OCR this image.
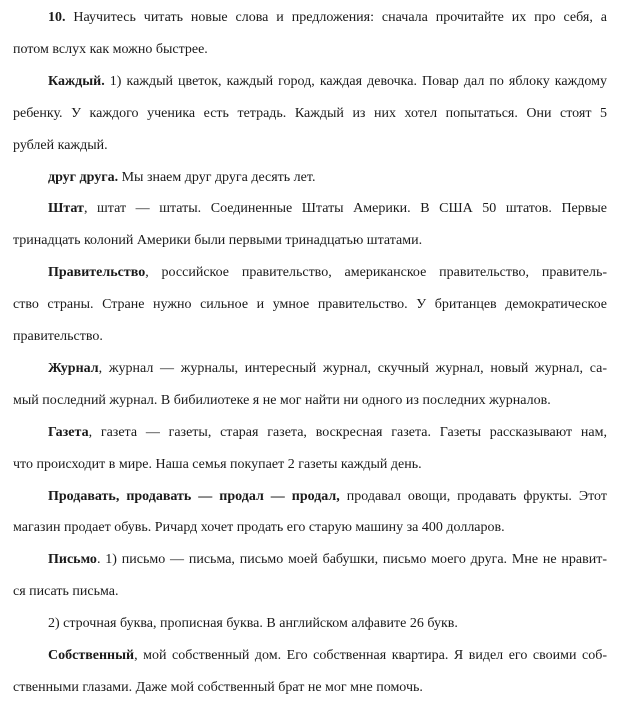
10. Научитесь читать новые слова и предложения: сначала прочитайте их про себя, а
потом вслух как можно быстрее.
Каждый. 1) каждый цветок, каждый город, каждая девочка. Повар дал по яблоку каждому
ребенку. У каждого ученика есть тетрадь. Каждый из них хотел попытаться. Они стоят 5
рублей каждый.
друг друга. Мы знаем друг друга десять лет.
Штат, штат — штаты. Соединенные Штаты Америки. В США 50 штатов. Первые
тринадцать колоний Америки были первыми тринадцатью штатами.
Правительство, российское правительство, американское правительство, правитель-
ство страны. Стране нужно сильное и умное правительство. У британцев демократическое
правительство.
Журнал, журнал — журналы, интересный журнал, скучный журнал, новый журнал, са-
мый последний журнал. В бибилиотеке я не мог найти ни одного из последних журналов.
Газета, газета — газеты, старая газета, воскресная газета. Газеты рассказывают нам,
что происходит в мире. Наша семья покупает 2 газеты каждый день.
Продавать, продавать — продал — продал, продавал овощи, продавать фрукты. Этот
магазин продает обувь. Ричард хочет продать его старую машину за 400 долларов.
Письмо. 1) письмо — письма, письмо моей бабушки, письмо моего друга. Мне не нравит-
ся писать письма.
2) строчная буква, прописная буква. В английском алфавите 26 букв.
Собственный, мой собственный дом. Его собственная квартира. Я видел его своими соб-
ственными глазами. Даже мой собственный брат не мог мне помочь.
